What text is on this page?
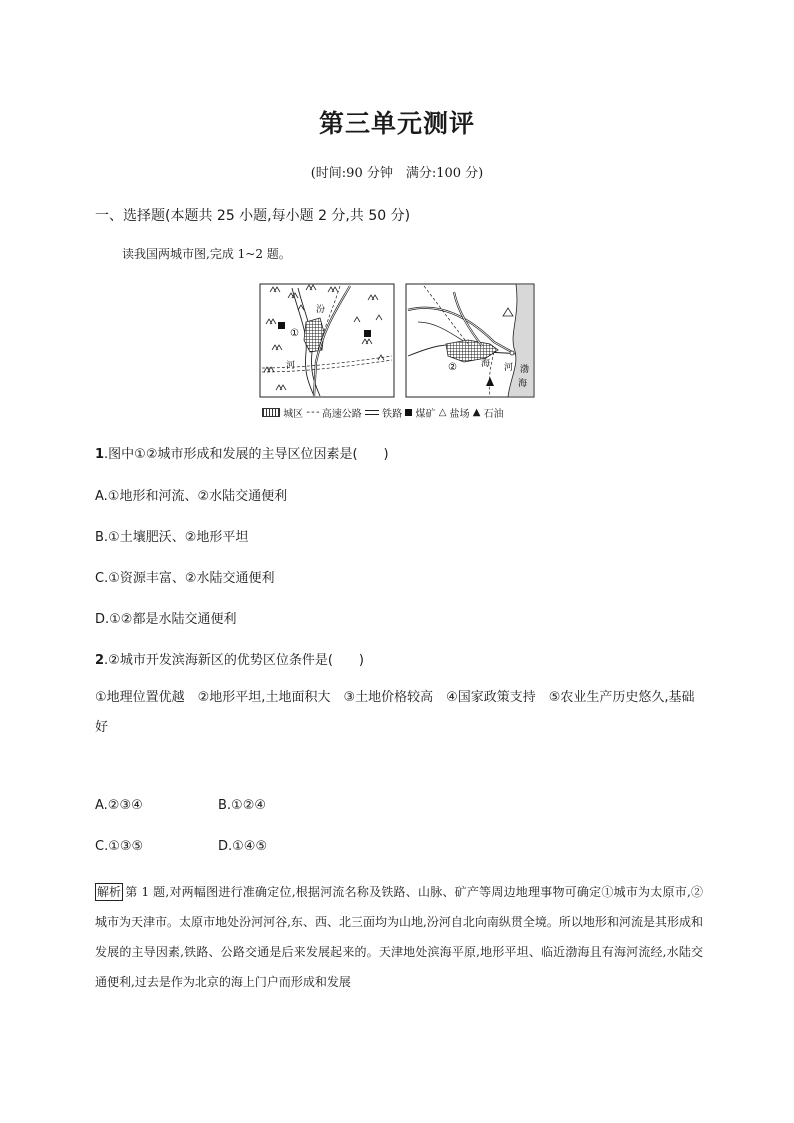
第三单元测评
(时间:90 分钟　满分:100 分)
一、选择题(本题共 25 小题,每小题 2 分,共 50 分)
读我国两城市图,完成 1~2 题。
汾
河
①
渤
海
海 河
②
城区 - - - 高速公路 铁路 煤矿 △ 盐场 ▲ 石油
1.图中①②城市形成和发展的主导区位因素是(　　)
A.①地形和河流、②水陆交通便利
B.①土壤肥沃、②地形平坦
C.①资源丰富、②水陆交通便利
D.①②都是水陆交通便利
2.②城市开发滨海新区的优势区位条件是(　　)
①地理位置优越　②地形平坦,土地面积大　③土地价格较高　④国家政策支持　⑤农业生产历史悠久,基础好
A.②③④	B.①②④
C.①③⑤	D.①④⑤
解析 第 1 题,对两幅图进行准确定位,根据河流名称及铁路、山脉、矿产等周边地理事物可确定①城市为太原市,②城市为天津市。太原市地处汾河河谷,东、西、北三面均为山地,汾河自北向南纵贯全境。所以地形和河流是其形成和发展的主导因素,铁路、公路交通是后来发展起来的。天津地处滨海平原,地形平坦、临近渤海且有海河流经,水陆交通便利,过去是作为北京的海上门户而形成和发展
